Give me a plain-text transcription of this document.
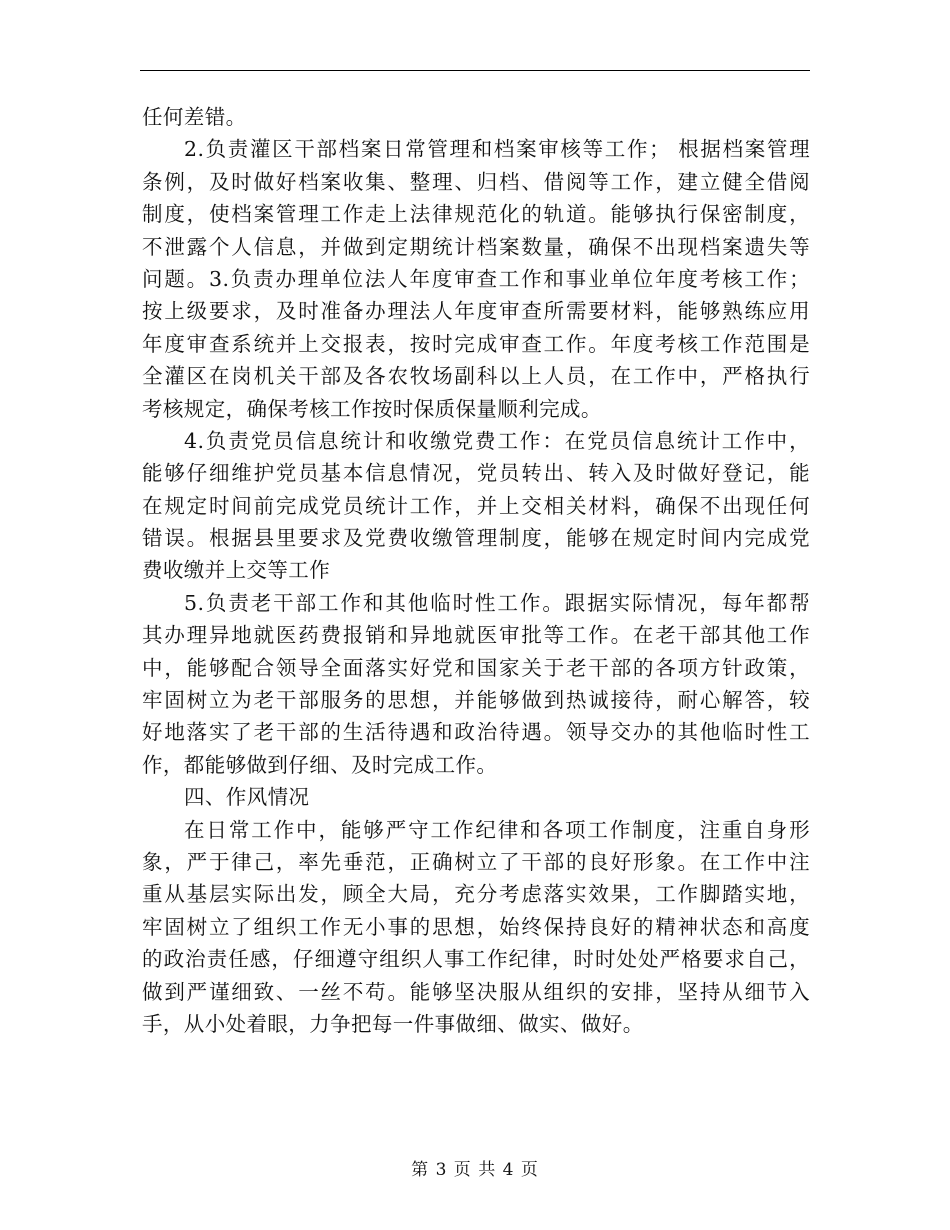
任何差错。
2.负责灌区干部档案日常管理和档案审核等工作； 根据档案管理
条例，及时做好档案收集、整理、归档、借阅等工作，建立健全借阅
制度，使档案管理工作走上法律规范化的轨道。能够执行保密制度，
不泄露个人信息，并做到定期统计档案数量，确保不出现档案遗失等
问题。3.负责办理单位法人年度审查工作和事业单位年度考核工作；
按上级要求，及时准备办理法人年度审查所需要材料，能够熟练应用
年度审查系统并上交报表，按时完成审查工作。年度考核工作范围是
全灌区在岗机关干部及各农牧场副科以上人员，在工作中，严格执行
考核规定，确保考核工作按时保质保量顺利完成。
4.负责党员信息统计和收缴党费工作：在党员信息统计工作中，
能够仔细维护党员基本信息情况，党员转出、转入及时做好登记，能
在规定时间前完成党员统计工作，并上交相关材料，确保不出现任何
错误。根据县里要求及党费收缴管理制度，能够在规定时间内完成党
费收缴并上交等工作
5.负责老干部工作和其他临时性工作。跟据实际情况，每年都帮
其办理异地就医药费报销和异地就医审批等工作。在老干部其他工作
中，能够配合领导全面落实好党和国家关于老干部的各项方针政策，
牢固树立为老干部服务的思想，并能够做到热诚接待，耐心解答，较
好地落实了老干部的生活待遇和政治待遇。领导交办的其他临时性工
作，都能够做到仔细、及时完成工作。
四、作风情况
在日常工作中，能够严守工作纪律和各项工作制度，注重自身形
象，严于律己，率先垂范，正确树立了干部的良好形象。在工作中注
重从基层实际出发，顾全大局，充分考虑落实效果，工作脚踏实地，
牢固树立了组织工作无小事的思想，始终保持良好的精神状态和高度
的政治责任感，仔细遵守组织人事工作纪律，时时处处严格要求自己，
做到严谨细致、一丝不苟。能够坚决服从组织的安排，坚持从细节入
手，从小处着眼，力争把每一件事做细、做实、做好。
第 3 页 共 4 页
